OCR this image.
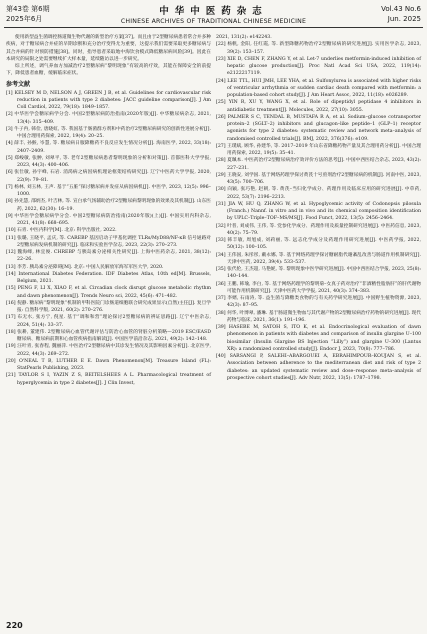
第43卷 第6期
2025年6月
中华中医药杂志
CHINESE ARCHIVES OF TRADITIONAL CHINESE MEDICINE
Vol.43 No.6
Jun. 2025

使用新型益生菌调控肠道微生物代谢的新型治疗方案[37]。而且由于2型糖尿病患者常合并多种疾病，对于糖尿病合并症的早期诊断和充分治疗变得尤为重要，这提示我们需要采取更多糖尿病与其合并病的针对预防措施[38]。同时，指导患者采取地中海饮食模式降低糖尿病风险[39]。因此在本研究的局限之处需要继续扩大样本量，延续随访以进一步研究。

综上所述，调气养血方加减治疗2型糖尿病“黎明现象”有较高的疗效，其能在保障安全的前提下，降低患者血糖，缓解临床症状。

参考文献

[1] KELSEY M D, NELSON A J, GREEN J B, et al. Guidelines for cardiovascular risk reduction in patients with type 2 diabetes: JACC guideline comparison[J]. J Am Coll Cardiol, 2022, 79(18): 1849–1857.

[2] 中华医学会糖尿病学分会. 中国2型糖尿病防治指南(2020年版)[J]. 中华糖尿病杂志, 2021, 13(4): 315–409.

[3] 牛子冉, 韩俭, 唐晓虹, 等. 我国基于肠菌群方剂和中药治疗2型糖尿病研究的创新性进展分析[J]. 中国合理用药探索, 2022, 19(4): 20–25.

[4] 薛丰, 孙猴, 岑慧, 等. 糖尿病日服降糖药不良反应发生情况分析[J]. 海南医学, 2022, 33(18): 2407–2409.

[5] 郑峻敏, 张翀, 刘翠平, 等. 老年2型糖尿病患者黎明现象的分析和对策[J]. 首都医科大学学报, 2023, 44(3): 400–406.

[6] 张仕敏, 孙宇峰, 石岩. 消渴病之病因病机理论框架结构研究[J]. 辽宁中医药大学学报, 2020, 22(9): 79–81.

[7] 杨林, 刘玉林, 王声. 基于“五脏”探讨糖尿病并发症从病因病机[J]. 中医学, 2023, 12(5): 996–1000.

[8] 孙先慧, 邵炳杰, 叶吉林, 等. 宣白承气汤辅助治疗2型糖尿病黎明现象的效果及其机制[J]. 山东医药, 2022, 62(30): 16–19.

[9] 中华医学会糖尿病学分会. 中国2型糖尿病防治指南(2020年版)(上)[J]. 中国实用内科杂志, 2021, 41(8): 668–695.

[10] 石青. 中医内科学[M]. 北京: 科学出版社, 2022.

[11] 张璐, 王晓平, 孟庆, 等. CAREBP 基因启动子甲基化调控 TLRs/MyD88/NF-κB 信号通路对2型糖尿病发病机制的研究[J]. 临床和实验医学杂志, 2023, 22(3): 270–273.

[12] 魏海峰, 林宜俊. CHREBP 与胰岛素分泌相关性研究[J]. 上海中医药杂志, 2021, 38(12): 22–26.

[13] 李芳. 胰岛素分泌障碍[M]. 北京: 中国人民解放军海军军医大学, 2020.

[14] International Diabetes Federation. IDF Diabetes Atlas, 10th ed[M]. Brussels, Belgium, 2021.

[15] PENG F, LI X, XIAO F, et al. Circadian clock disrupt glucose metabolic rhythm and dawn phenomenon[J]. Trends Neuro sci, 2022, 45(6): 471–482.

[16] 倪静. 糖尿病“黎明现象”机制的甲科医院门诊肠道细胞联合研究成果显示(自然)主任[J]. 复旦学报: 自然科学版, 2021, 60(2): 270–276.

[17] 布无水, 张方宁, 倪星. 基于“调和和营”理论探讨2型糖尿病的辨证思路[J]. 辽宁中医杂志, 2024, 51(4): 33–37.

[18] 张耕, 董建伟. 2型糖尿病心血管代谢评估与防治心血管的肾脏分析策略—2019 ESC/EASD 糖尿病、糖尿病前期和心血管疾病指南解读[J]. 中国医学前沿杂志, 2021, 49(2): 142–148.

[19] 汪叶青, 张春程, 魏丽萍. 中医治疗2型糖尿病中其诊发生情况及其影响因素分析[J]. 北京医学, 2022, 44(3): 269–272.

[20] O'NEAL T B, LUTHER E E. Dawn Phenomenon[M]. Treasure Island (FL): StatPearls Publishing, 2023.

[21] TAYLOR S I, YAZIN Z S, BEITELSHEES A L. Pharmacological treatment of hyperglycemia in type 2 diabetes[J]. J Clin Invest,

2021, 131(2): e142243.

[22] 杨帆, 金阳, 任红霞, 等. 新型降糖药物治疗2型糖尿病的研究进展[J]. 实用医学杂志, 2023, 39(2): 153–157.

[23] XIE D, CHEN F, ZHANG Y, et al. Let-7 underlies metformin-induced inhibition of hepatic glucose production[J]. Proc Natl Acad Sci USA, 2022, 119(14): e2122217119.

[24] LEE TTL, HUI JMH, LEE YHA, et al. Sulfonylurea is associated with higher risks of ventricular arrhythmia or sudden cardiac death compared with metformin: a population-based cohort study[J]. J Am Heart Assoc, 2022, 11(18): e026289.

[25] YIN R, XU Y, WANG X, et al. Role of dipeptidyl peptidase 4 inhibitors in antidiabetic treatment[J]. Molecules, 2022, 27(10): 3055.

[26] PALMER S C, TENDAL B, MUSTAFA R A, et al. Sodium–glucose cotransporter protein–2 (SGLT–2) inhibitors and glucagon–like peptide–1 (GLP–1) receptor agonists for type 2 diabetes: systematic review and network meta–analysis of randomised controlled trials[J]. BMJ, 2022, 376(376): e109.

[27] 王璞斌, 顾华, 孙建华, 等. 2017–2019 年山东省降糖药物产量及其合理用药分析[J]. 中国合理用药探索, 2022, 19(5): 35–41.

[28] 夏珮本. 中医药治疗2型糖尿病治疗效评价方法的思考[J]. 中国中西医结合杂志, 2023, 43(2): 227–231.

[29] 王晓安, 刘学国. 基于网络药理学探讨黄芪十号煎剂治疗2型糖尿病的机制[J]. 河南中医, 2023, 43(5): 700–706.

[30] 向颖, 张巧艳, 赵朝, 等. 黄芪–当归化学成分、药理作用及临床应用的研究进展[J]. 中草药, 2022, 53(7): 2196–2213.

[31] JIA W, HU Q, ZHANG W, et al. Hypoglycemic activity of Codonopsis pilosula (Franch.) Nannf. in vitro and in vivo and its chemical composition identification by UPLC–Triple–TOF–MS/MS[J]. Food Funct, 2022, 13(5): 2456–2464.

[32] 叶普, 刘成伟, 王伟, 等. 党参化学成分、药理作用及质量控制研究进展[J]. 中医药信息, 2023, 40(2): 75–79.

[33] 韩丰敏, 周旭成, 刘莉丽, 等. 远志化学成分及药理作用研究进展[J]. 中医药学报, 2022, 50(12): 100–105.

[34] 王伟国, 朱彤彤, 戴永娜, 等. 基于网络药理学探讨糖耐脂代谢紊乱改善与肠道作用机制研究[J]. 天津中医药, 2022, 39(4): 533–537.

[35] 张代伦, 王杰超, 马艳妮, 等. 黎明现象中医学研究进展[J]. 中国中西医结合学报, 2023, 25(8): 140–144.

[36] 王鹏, 韩瑜, 李白, 等. 基于网络药理学的黎明菊–女真子药对治疗“非酒精性脂肪肝”的肝代谢物可能作用机制研究[J]. 天津中医药大学学报, 2021, 40(3): 374–383.

[37] 李婿, 石雨涛, 等. 益生菌与降糖类食物的与有关药学研究进展[J]. 中国野生植物资源, 2023, 42(3): 87–95.

[38] 何华, 叶博翠, 潘琳. 基于肠道微生物血与其代谢产物的2型糖尿病治疗药物的研究进展[J]. 现代药物与临床, 2021, 36(1): 191–196.

[39] HASEBE M, SATOH S, ITO K, et al. Endocrinological evaluation of dawn phenomenon in patients with diabetes and comparison of insulin glargine U–100 biosimilar (Insulin Glargine BS Injection “Lilly”) and glargine U–300 (Lantus XR): a randomized controlled study[J]. Endocr J, 2023, 70(8): 777–786.

[40] SARSANGI P, SALEHI–ABARGOUEI A, EBRAHIMPOUR–KOUJAN S, et al. Association between adherence to the mediterranean diet and risk of type 2 diabetes: an updated systematic review and dose–response meta–analysis of prospective cohort studies[J]. Adv Nutr, 2022, 13(5): 1787–1798.

220
